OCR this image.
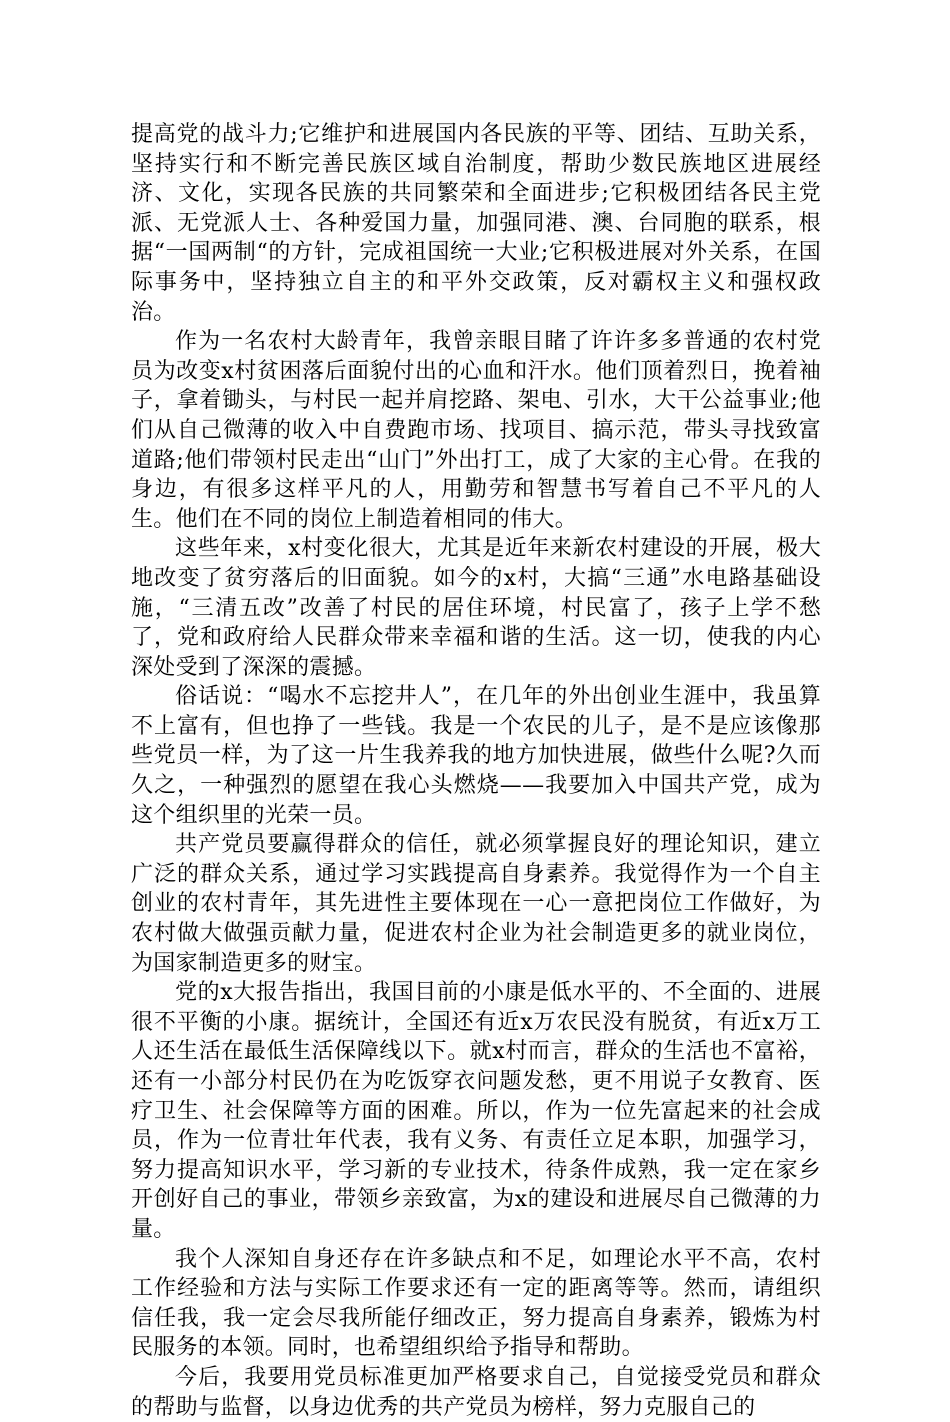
提高党的战斗力;它维护和进展国内各民族的平等、团结、互助关系，坚持实行和不断完善民族区域自治制度，帮助少数民族地区进展经济、文化，实现各民族的共同繁荣和全面进步;它积极团结各民主党派、无党派人士、各种爱国力量，加强同港、澳、台同胞的联系，根据“一国两制“的方针，完成祖国统一大业;它积极进展对外关系，在国际事务中，坚持独立自主的和平外交政策，反对霸权主义和强权政治。

作为一名农村大龄青年，我曾亲眼目睹了许许多多普通的农村党员为改变x村贫困落后面貌付出的心血和汗水。他们顶着烈日，挽着袖子，拿着锄头，与村民一起并肩挖路、架电、引水，大干公益事业;他们从自己微薄的收入中自费跑市场、找项目、搞示范，带头寻找致富道路;他们带领村民走出“山门”外出打工，成了大家的主心骨。在我的身边，有很多这样平凡的人，用勤劳和智慧书写着自己不平凡的人生。他们在不同的岗位上制造着相同的伟大。

这些年来，x村变化很大，尤其是近年来新农村建设的开展，极大地改变了贫穷落后的旧面貌。如今的x村，大搞“三通”水电路基础设施，“三清五改”改善了村民的居住环境，村民富了，孩子上学不愁了，党和政府给人民群众带来幸福和谐的生活。这一切，使我的内心深处受到了深深的震撼。

俗话说：“喝水不忘挖井人”，在几年的外出创业生涯中，我虽算不上富有，但也挣了一些钱。我是一个农民的儿子，是不是应该像那些党员一样，为了这一片生我养我的地方加快进展，做些什么呢?久而久之，一种强烈的愿望在我心头燃烧——我要加入中国共产党，成为这个组织里的光荣一员。

共产党员要赢得群众的信任，就必须掌握良好的理论知识，建立广泛的群众关系，通过学习实践提高自身素养。我觉得作为一个自主创业的农村青年，其先进性主要体现在一心一意把岗位工作做好，为农村做大做强贡献力量，促进农村企业为社会制造更多的就业岗位，为国家制造更多的财宝。

党的x大报告指出，我国目前的小康是低水平的、不全面的、进展很不平衡的小康。据统计，全国还有近x万农民没有脱贫，有近x万工人还生活在最低生活保障线以下。就x村而言，群众的生活也不富裕，还有一小部分村民仍在为吃饭穿衣问题发愁，更不用说子女教育、医疗卫生、社会保障等方面的困难。所以，作为一位先富起来的社会成员，作为一位青壮年代表，我有义务、有责任立足本职，加强学习，努力提高知识水平，学习新的专业技术，待条件成熟，我一定在家乡开创好自己的事业，带领乡亲致富，为x的建设和进展尽自己微薄的力量。

我个人深知自身还存在许多缺点和不足，如理论水平不高，农村工作经验和方法与实际工作要求还有一定的距离等等。然而，请组织信任我，我一定会尽我所能仔细改正，努力提高自身素养，锻炼为村民服务的本领。同时，也希望组织给予指导和帮助。

今后，我要用党员标准更加严格要求自己，自觉接受党员和群众的帮助与监督，以身边优秀的共产党员为榜样，努力克服自己的
